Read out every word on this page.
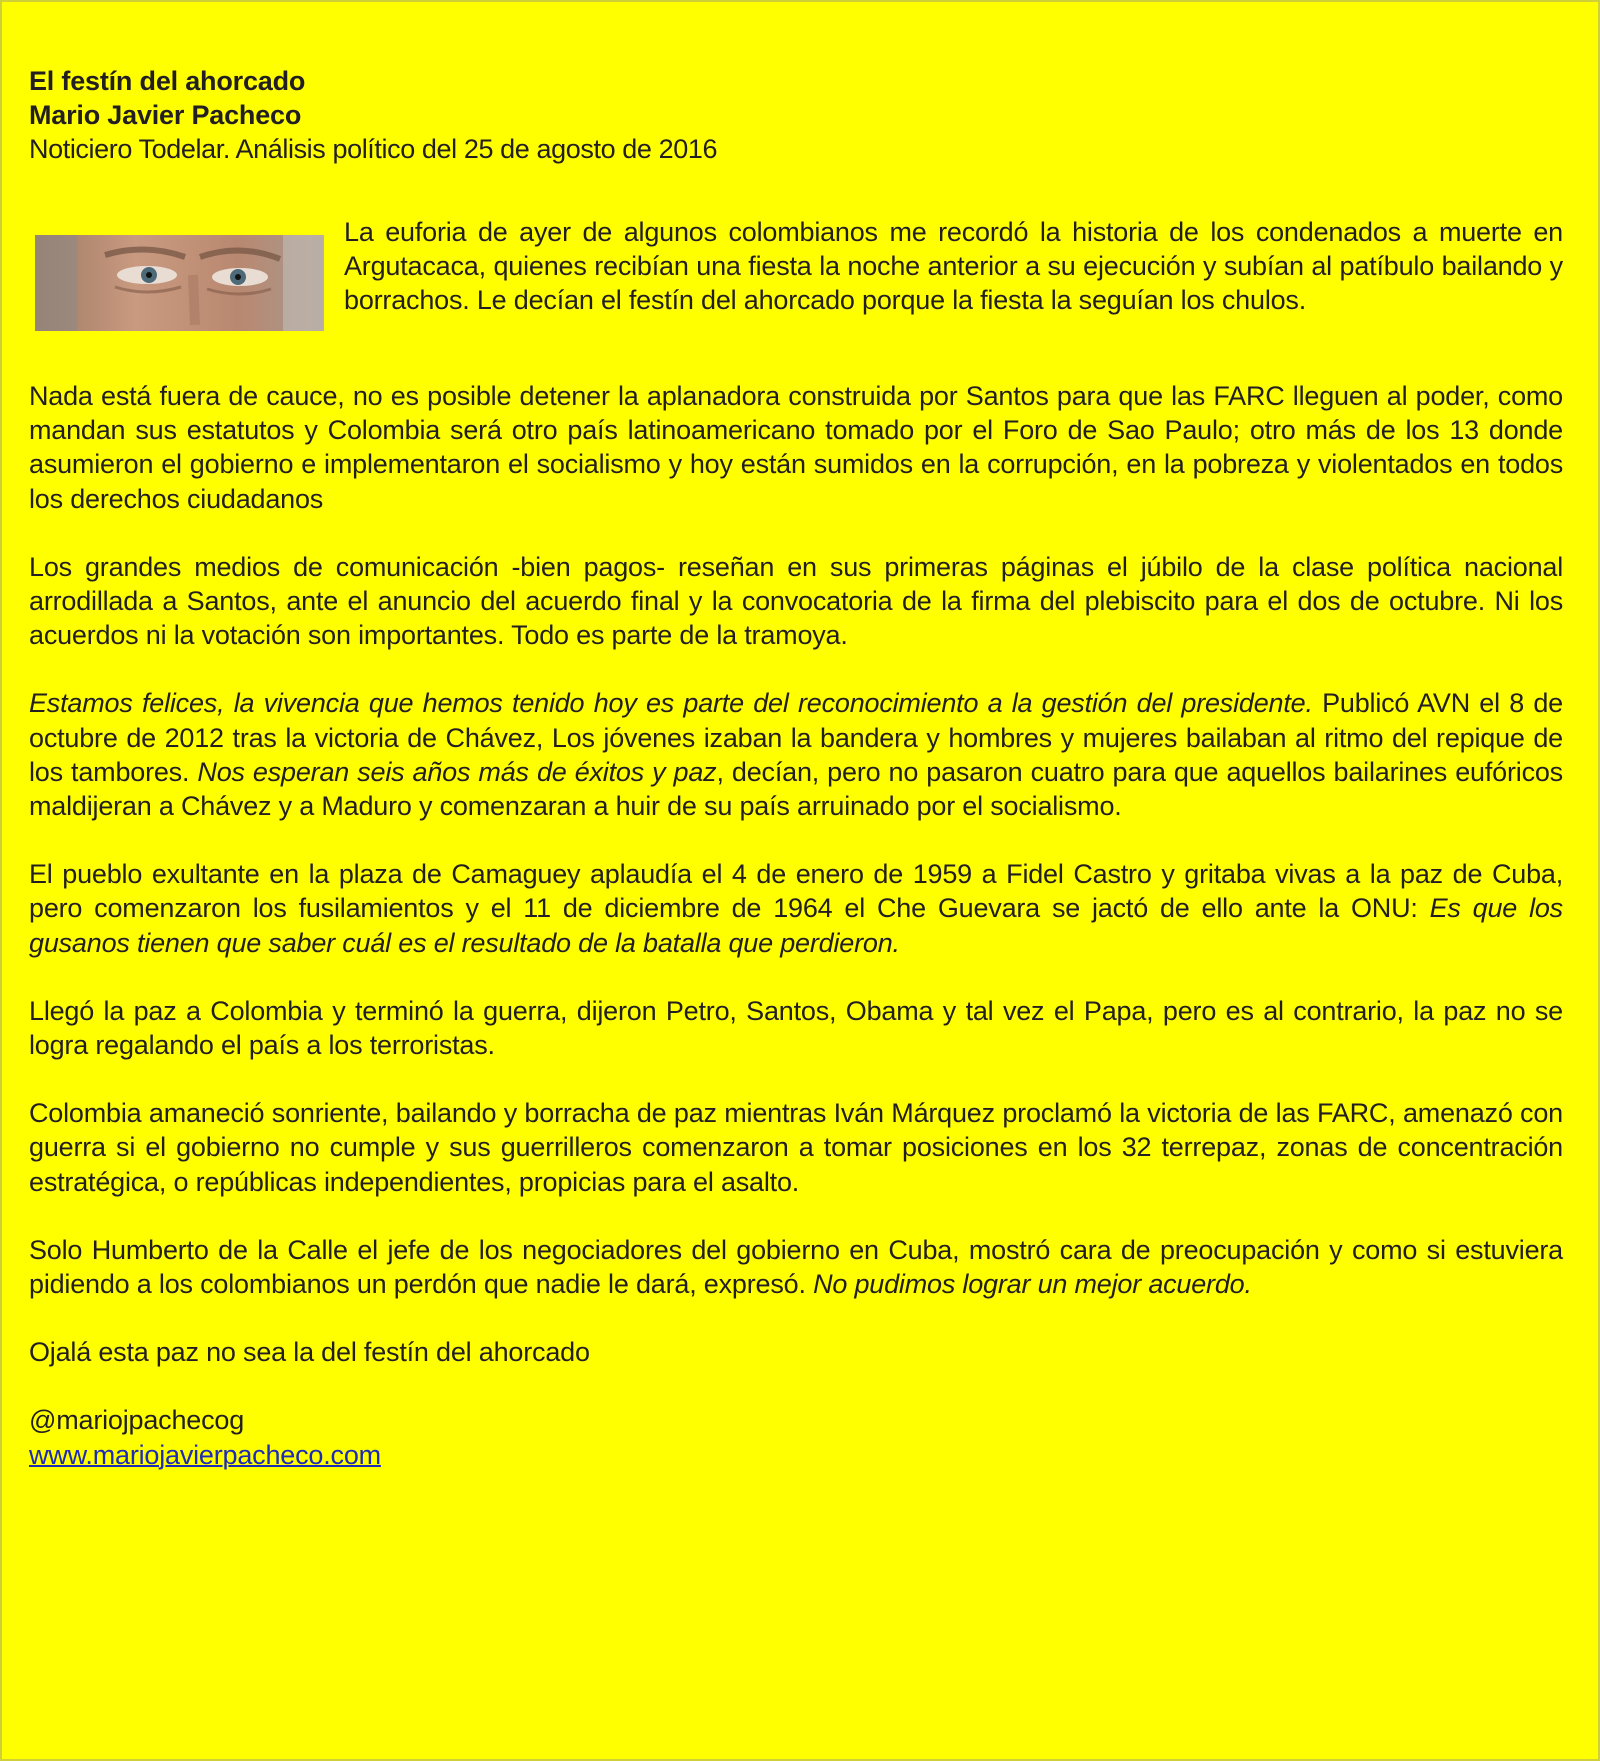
El festín del ahorcado
Mario Javier Pacheco
Noticiero Todelar. Análisis político del 25 de agosto de 2016

La euforia de ayer de algunos colombianos me recordó la historia de los condenados a muerte en Argutacaca, quienes recibían una fiesta la noche anterior a su ejecución y subían al patíbulo bailando y borrachos. Le decían el festín del ahorcado porque la fiesta la seguían los chulos.

Nada está fuera de cauce, no es posible detener la aplanadora construida por Santos para que las FARC lleguen al poder, como mandan sus estatutos y Colombia será otro país latinoamericano tomado por el Foro de Sao Paulo; otro más de los 13 donde asumieron el gobierno e implementaron el socialismo y hoy están sumidos en la corrupción, en la pobreza y violentados en todos los derechos ciudadanos

Los grandes medios de comunicación -bien pagos- reseñan en sus primeras páginas el júbilo de la clase política nacional arrodillada a Santos, ante el anuncio del acuerdo final y la convocatoria de la firma del plebiscito para el dos de octubre. Ni los acuerdos ni la votación son importantes. Todo es parte de la tramoya.

Estamos felices, la vivencia que hemos tenido hoy es parte del reconocimiento a la gestión del presidente. Publicó AVN el 8 de octubre de 2012 tras la victoria de Chávez, Los jóvenes izaban la bandera y hombres y mujeres bailaban al ritmo del repique de los tambores. Nos esperan seis años más de éxitos y paz, decían, pero no pasaron cuatro para que aquellos bailarines eufóricos maldijeran a Chávez y a Maduro y comenzaran a huir de su país arruinado por el socialismo.

El pueblo exultante en la plaza de Camaguey aplaudía el 4 de enero de 1959 a Fidel Castro y gritaba vivas a la paz de Cuba, pero comenzaron los fusilamientos y el 11 de diciembre de 1964 el Che Guevara se jactó de ello ante la ONU: Es que los gusanos tienen que saber cuál es el resultado de la batalla que perdieron.

Llegó la paz a Colombia y terminó la guerra, dijeron Petro, Santos, Obama y tal vez el Papa, pero es al contrario, la paz no se logra regalando el país a los terroristas.

Colombia amaneció sonriente, bailando y borracha de paz mientras Iván Márquez proclamó la victoria de las FARC, amenazó con guerra si el gobierno no cumple y sus guerrilleros comenzaron a tomar posiciones en los 32 terrepaz, zonas de concentración estratégica, o repúblicas independientes, propicias para el asalto.

Solo Humberto de la Calle el jefe de los negociadores del gobierno en Cuba, mostró cara de preocupación y como si estuviera pidiendo a los colombianos un perdón que nadie le dará, expresó. No pudimos lograr un mejor acuerdo.

Ojalá esta paz no sea la del festín del ahorcado

@mariojpachecog

www.mariojavierpacheco.com
